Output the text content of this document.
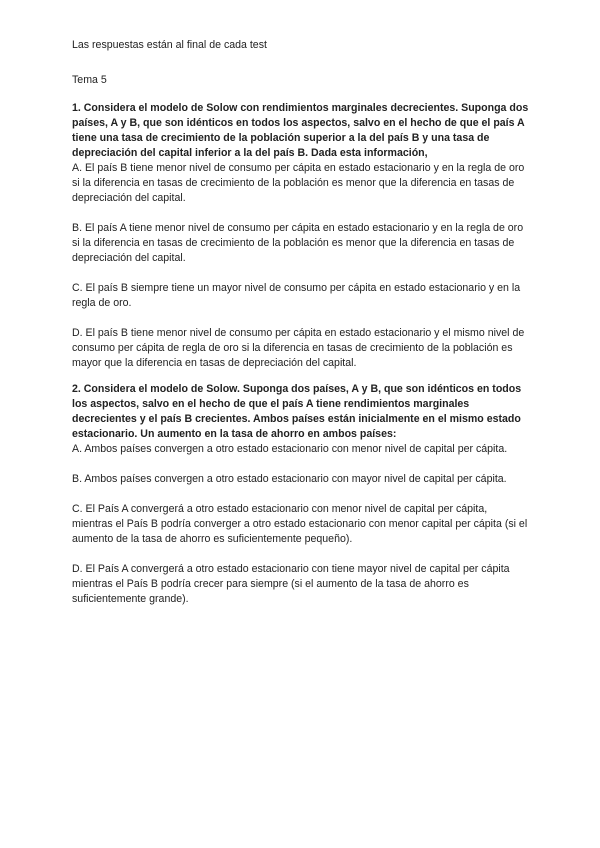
Las respuestas están al final de cada test
Tema 5

1. Considera el modelo de Solow con rendimientos marginales decrecientes. Suponga dos países, A y B, que son idénticos en todos los aspectos, salvo en el hecho de que el país A tiene una tasa de crecimiento de la población superior a la del país B y una tasa de depreciación del capital inferior a la del país B. Dada esta información,

A. El país B tiene menor nivel de consumo per cápita en estado estacionario y en la regla de oro si la diferencia en tasas de crecimiento de la población es menor que la diferencia en tasas de depreciación del capital.

B. El país A tiene menor nivel de consumo per cápita en estado estacionario y en la regla de oro si la diferencia en tasas de crecimiento de la población es menor que la diferencia en tasas de depreciación del capital.

C. El país B siempre tiene un mayor nivel de consumo per cápita en estado estacionario y en la regla de oro.

D. El país B tiene menor nivel de consumo per cápita en estado estacionario y el mismo nivel de consumo per cápita de regla de oro si la diferencia en tasas de crecimiento de la población es mayor que la diferencia en tasas de depreciación del capital.

2. Considera el modelo de Solow. Suponga dos países, A y B, que son idénticos en todos los aspectos, salvo en el hecho de que el país A tiene rendimientos marginales decrecientes y el país B crecientes. Ambos países están inicialmente en el mismo estado estacionario. Un aumento en la tasa de ahorro en ambos países:

A. Ambos países convergen a otro estado estacionario con menor nivel de capital per cápita.

B. Ambos países convergen a otro estado estacionario con mayor nivel de capital per cápita.

C. El País A convergerá a otro estado estacionario con menor nivel de capital per cápita, mientras el País B podría converger a otro estado estacionario con menor capital per cápita (si el aumento de la tasa de ahorro es suficientemente pequeño).

D. El País A convergerá a otro estado estacionario con tiene mayor nivel de capital per cápita mientras el País B podría crecer para siempre (si el aumento de la tasa de ahorro es suficientemente grande).
